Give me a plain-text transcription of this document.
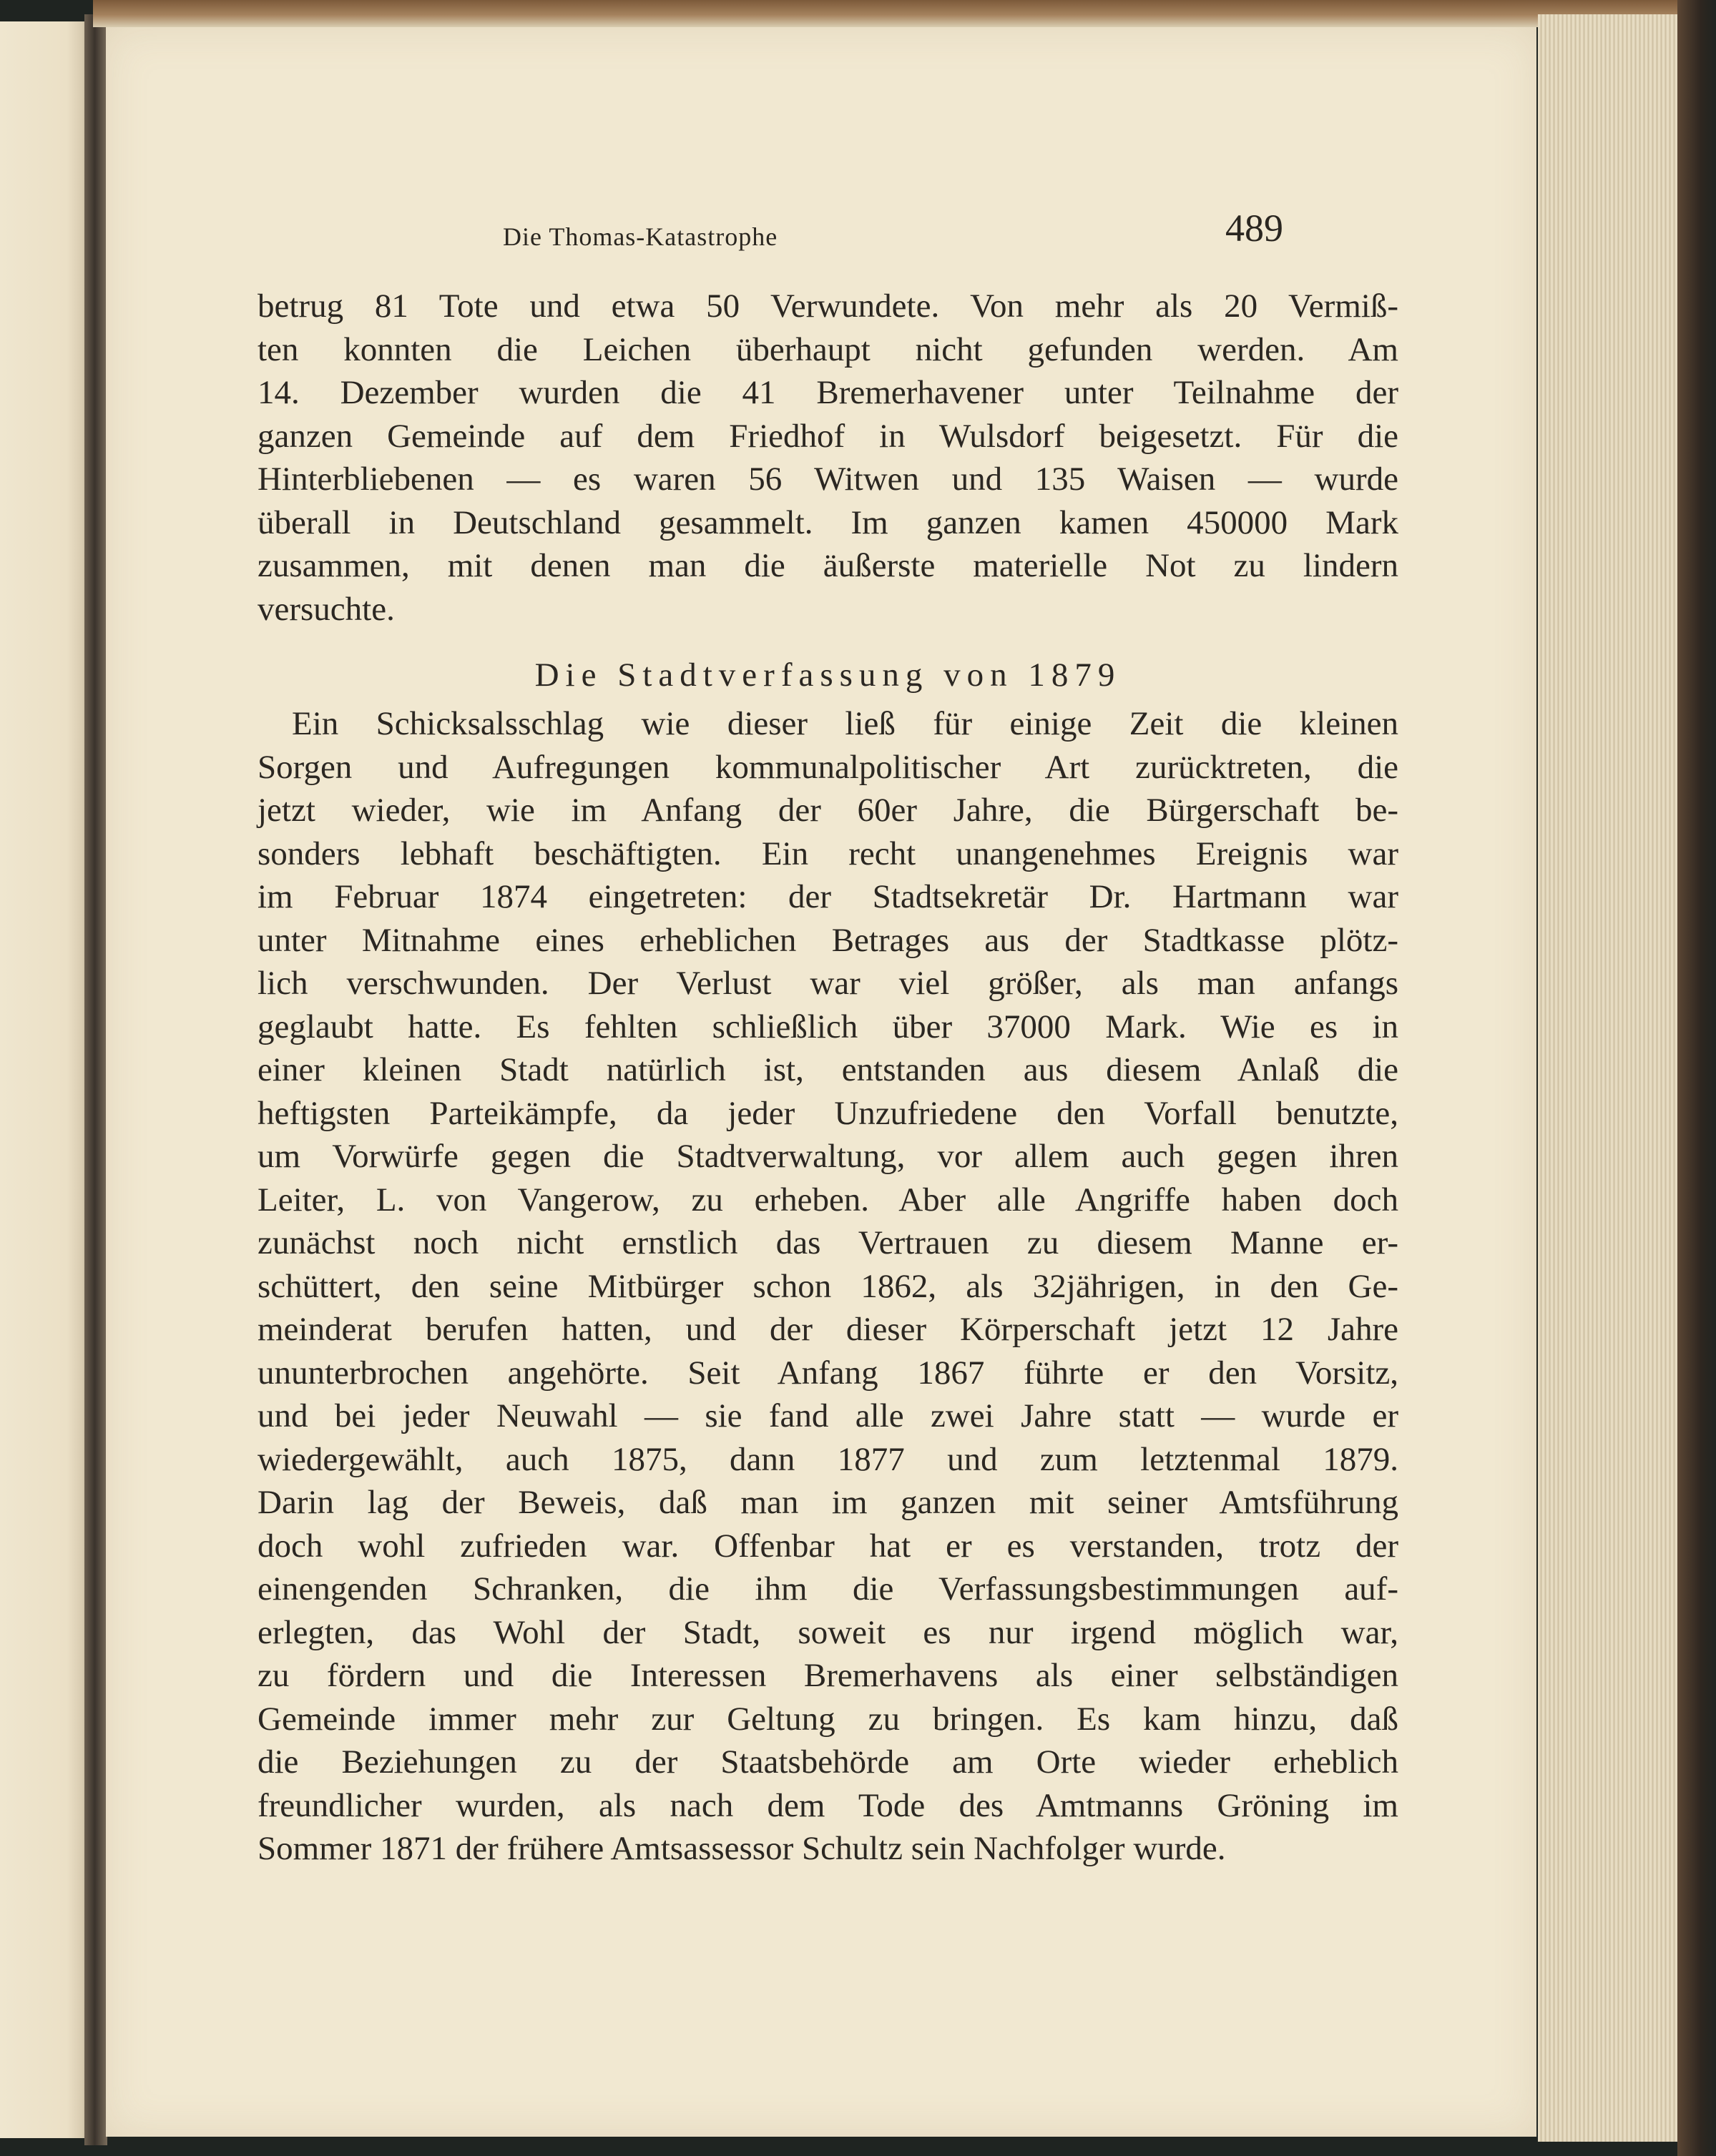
Die Thomas-Katastrophe	489
betrug 81 Tote und etwa 50 Verwundete. Von mehr als 20 Vermiß-
ten konnten die Leichen überhaupt nicht gefunden werden. Am
14. Dezember wurden die 41 Bremerhavener unter Teilnahme der
ganzen Gemeinde auf dem Friedhof in Wulsdorf beigesetzt. Für die
Hinterbliebenen — es waren 56 Witwen und 135 Waisen — wurde
überall in Deutschland gesammelt. Im ganzen kamen 450000 Mark
zusammen, mit denen man die äußerste materielle Not zu lindern
versuchte.
Die Stadtverfassung von 1879
Ein Schicksalsschlag wie dieser ließ für einige Zeit die kleinen
Sorgen und Aufregungen kommunalpolitischer Art zurücktreten, die
jetzt wieder, wie im Anfang der 60er Jahre, die Bürgerschaft be-
sonders lebhaft beschäftigten. Ein recht unangenehmes Ereignis war
im Februar 1874 eingetreten: der Stadtsekretär Dr. Hartmann war
unter Mitnahme eines erheblichen Betrages aus der Stadtkasse plötz-
lich verschwunden. Der Verlust war viel größer, als man anfangs
geglaubt hatte. Es fehlten schließlich über 37000 Mark. Wie es in
einer kleinen Stadt natürlich ist, entstanden aus diesem Anlaß die
heftigsten Parteikämpfe, da jeder Unzufriedene den Vorfall benutzte,
um Vorwürfe gegen die Stadtverwaltung, vor allem auch gegen ihren
Leiter, L. von Vangerow, zu erheben. Aber alle Angriffe haben doch
zunächst noch nicht ernstlich das Vertrauen zu diesem Manne er-
schüttert, den seine Mitbürger schon 1862, als 32jährigen, in den Ge-
meinderat berufen hatten, und der dieser Körperschaft jetzt 12 Jahre
ununterbrochen angehörte. Seit Anfang 1867 führte er den Vorsitz,
und bei jeder Neuwahl — sie fand alle zwei Jahre statt — wurde er
wiedergewählt, auch 1875, dann 1877 und zum letztenmal 1879.
Darin lag der Beweis, daß man im ganzen mit seiner Amtsführung
doch wohl zufrieden war. Offenbar hat er es verstanden, trotz der
einengenden Schranken, die ihm die Verfassungsbestimmungen auf-
erlegten, das Wohl der Stadt, soweit es nur irgend möglich war,
zu fördern und die Interessen Bremerhavens als einer selbständigen
Gemeinde immer mehr zur Geltung zu bringen. Es kam hinzu, daß
die Beziehungen zu der Staatsbehörde am Orte wieder erheblich
freundlicher wurden, als nach dem Tode des Amtmanns Gröning im
Sommer 1871 der frühere Amtsassessor Schultz sein Nachfolger wurde.
